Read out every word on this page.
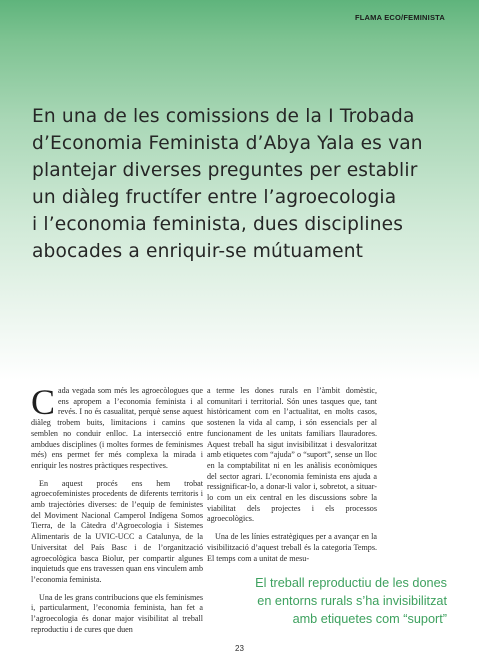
FLAMA ECO/FEMINISTA
En una de les comissions de la I Trobada
d’Economia Feminista d’Abya Yala es van
plantejar diverses preguntes per establir
un diàleg fructífer entre l’agroecologia
i l’economia feminista, dues disciplines
abocades a enriquir-se mútuament

Cada vegada som més les agroecòlogues que ens apropem a l’economia feminista i al revés. I no és casualitat, perquè sense aquest diàleg trobem buits, limitacions i camins que semblen no conduir enlloc. La intersecció entre ambdues disciplines (i moltes formes de feminismes més) ens permet fer més complexa la mirada i enriquir les nostres pràctiques respectives.

En aquest procés ens hem trobat agroecofeministes procedents de diferents territoris i amb trajectòries diverses: de l’equip de feministes del Moviment Nacional Camperol Indígena Somos Tierra, de la Càtedra d’Agroecologia i Sistemes Alimentaris de la UVIC-UCC a Catalunya, de la Universitat del País Basc i de l’organització agroecològica basca Biolur, per compartir algunes inquietuds que ens travessen quan ens vinculem amb l’economia feminista.

Una de les grans contribucions que els feminismes i, particularment, l’economia feminista, han fet a l’agroecologia és donar major visibilitat al treball reproductiu i de cures que duen

a terme les dones rurals en l’àmbit domèstic, comunitari i territorial. Són unes tasques que, tant històricament com en l’actualitat, en molts casos, sostenen la vida al camp, i són essencials per al funcionament de les unitats familiars llauradores. Aquest treball ha sigut invisibilitzat i desvaloritzat amb etiquetes com “ajuda” o “suport”, sense un lloc en la comptabilitat ni en les anàlisis econòmiques del sector agrari. L’economia feminista ens ajuda a ressignificar-lo, a donar-li valor i, sobretot, a situar-lo com un eix central en les discussions sobre la viabilitat dels projectes i els processos agroecològics.

Una de les línies estratègiques per a avançar en la visibilització d’aquest treball és la categoria Temps. El temps com a unitat de mesu-

El treball reproductiu de les dones
en entorns rurals s’ha invisibilitzat
amb etiquetes com “suport”
23
